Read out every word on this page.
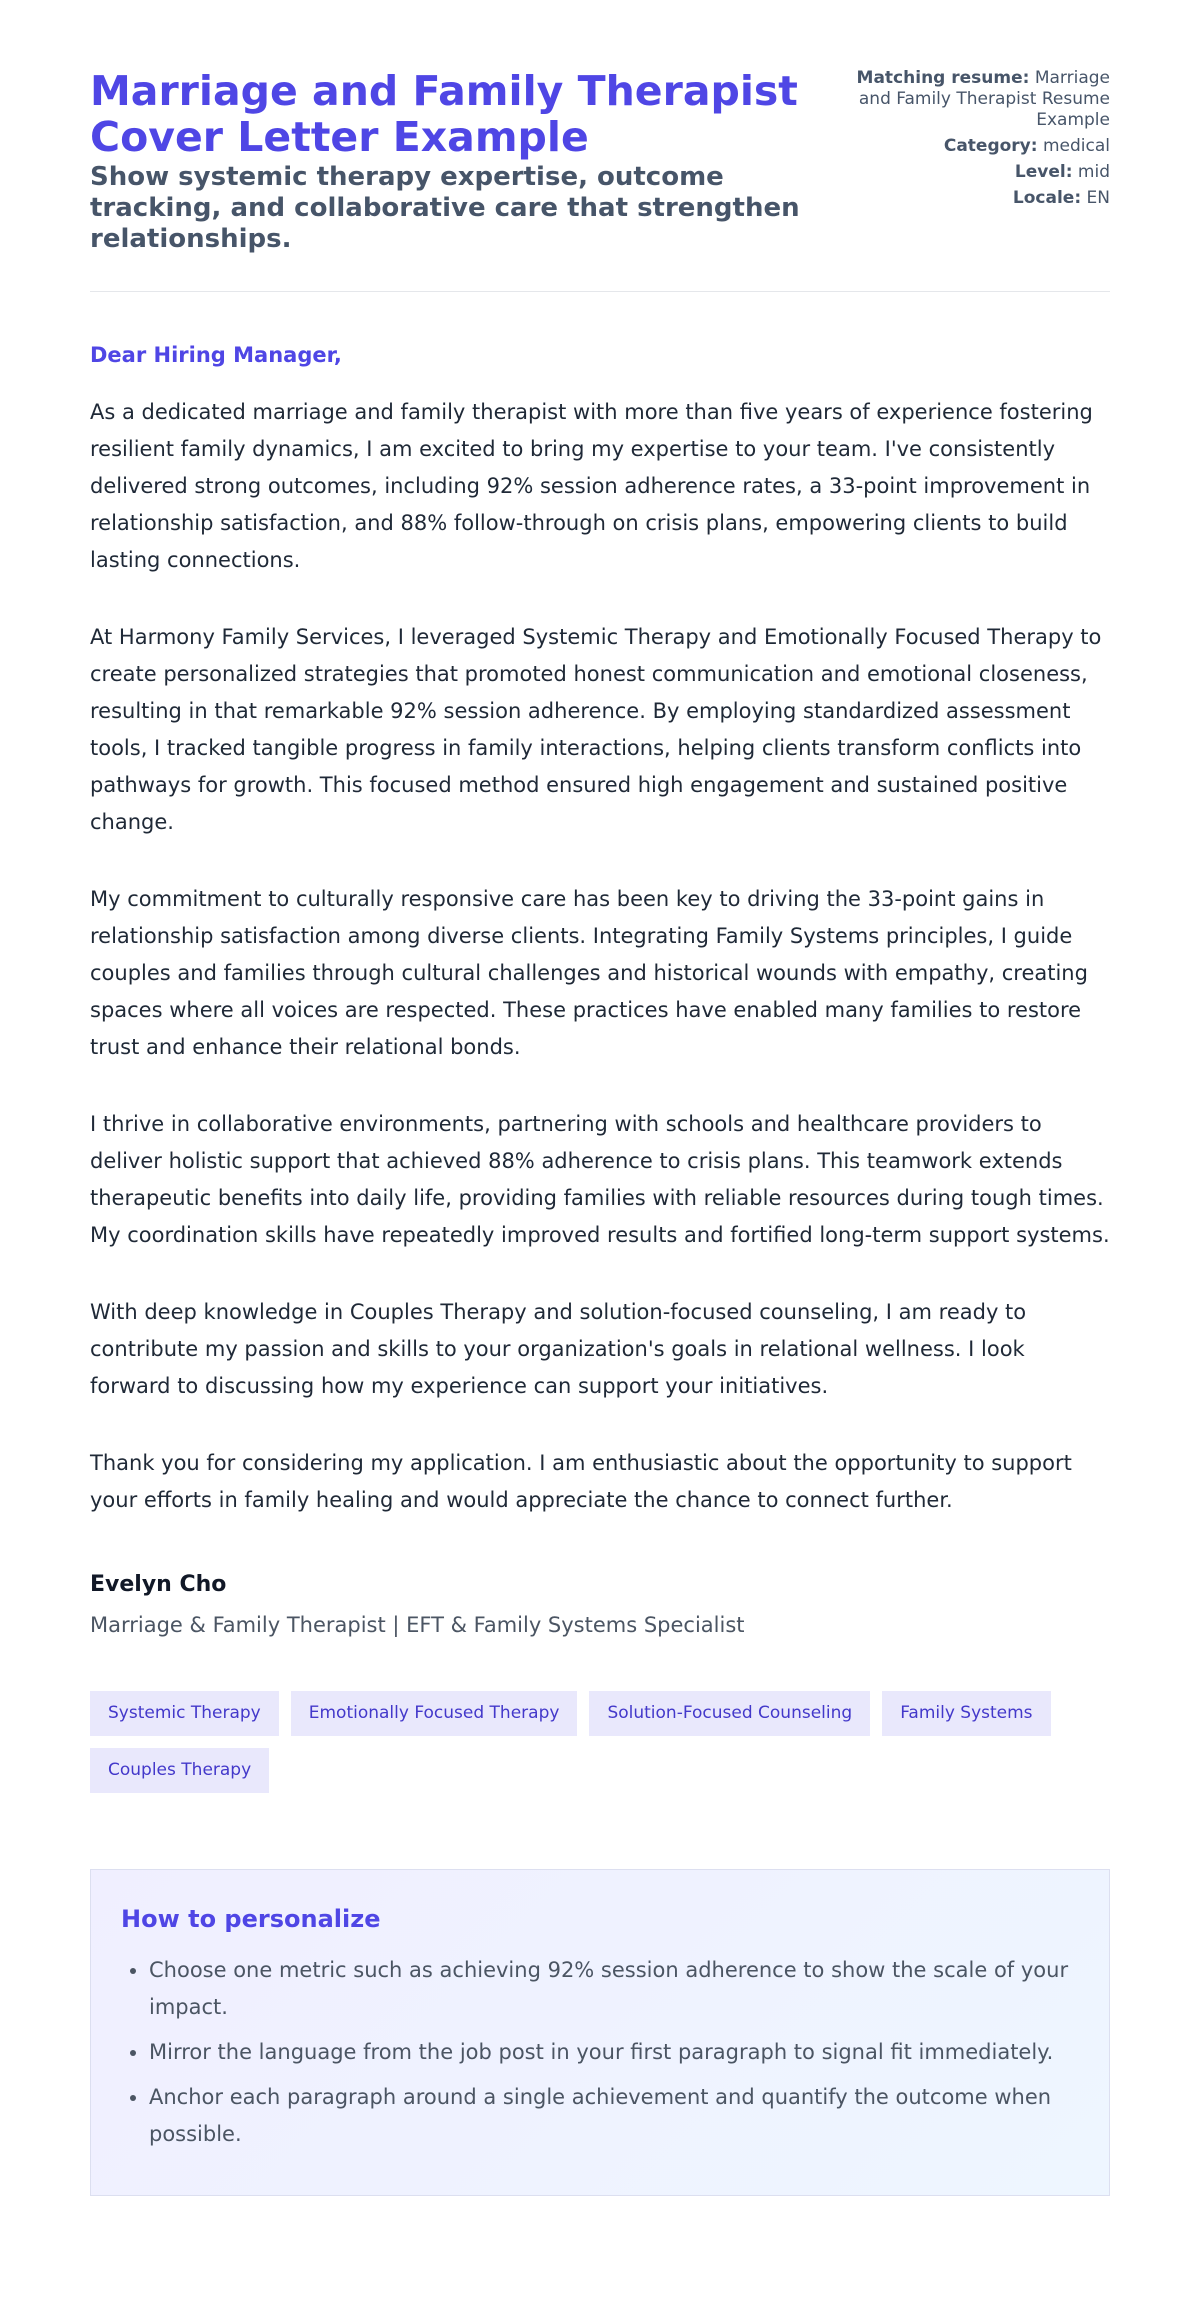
Marriage and Family Therapist Cover Letter Example
Show systemic therapy expertise, outcome tracking, and collaborative care that strengthen relationships.
Matching resume: Marriage and Family Therapist Resume Example
Category: medical
Level: mid
Locale: EN

Dear Hiring Manager,

As a dedicated marriage and family therapist with more than five years of experience fostering resilient family dynamics, I am excited to bring my expertise to your team. I've consistently delivered strong outcomes, including 92% session adherence rates, a 33-point improvement in relationship satisfaction, and 88% follow-through on crisis plans, empowering clients to build lasting connections.

At Harmony Family Services, I leveraged Systemic Therapy and Emotionally Focused Therapy to create personalized strategies that promoted honest communication and emotional closeness, resulting in that remarkable 92% session adherence. By employing standardized assessment tools, I tracked tangible progress in family interactions, helping clients transform conflicts into pathways for growth. This focused method ensured high engagement and sustained positive change.

My commitment to culturally responsive care has been key to driving the 33-point gains in relationship satisfaction among diverse clients. Integrating Family Systems principles, I guide couples and families through cultural challenges and historical wounds with empathy, creating spaces where all voices are respected. These practices have enabled many families to restore trust and enhance their relational bonds.

I thrive in collaborative environments, partnering with schools and healthcare providers to deliver holistic support that achieved 88% adherence to crisis plans. This teamwork extends therapeutic benefits into daily life, providing families with reliable resources during tough times. My coordination skills have repeatedly improved results and fortified long-term support systems.

With deep knowledge in Couples Therapy and solution-focused counseling, I am ready to contribute my passion and skills to your organization's goals in relational wellness. I look forward to discussing how my experience can support your initiatives.

Thank you for considering my application. I am enthusiastic about the opportunity to support your efforts in family healing and would appreciate the chance to connect further.

Evelyn Cho

Marriage & Family Therapist | EFT & Family Systems Specialist

Systemic Therapy	Emotionally Focused Therapy	Solution-Focused Counseling	Family Systems
Couples Therapy
How to personalize
• Choose one metric such as achieving 92% session adherence to show the scale of your impact.
• Mirror the language from the job post in your first paragraph to signal fit immediately.
• Anchor each paragraph around a single achievement and quantify the outcome when possible.
